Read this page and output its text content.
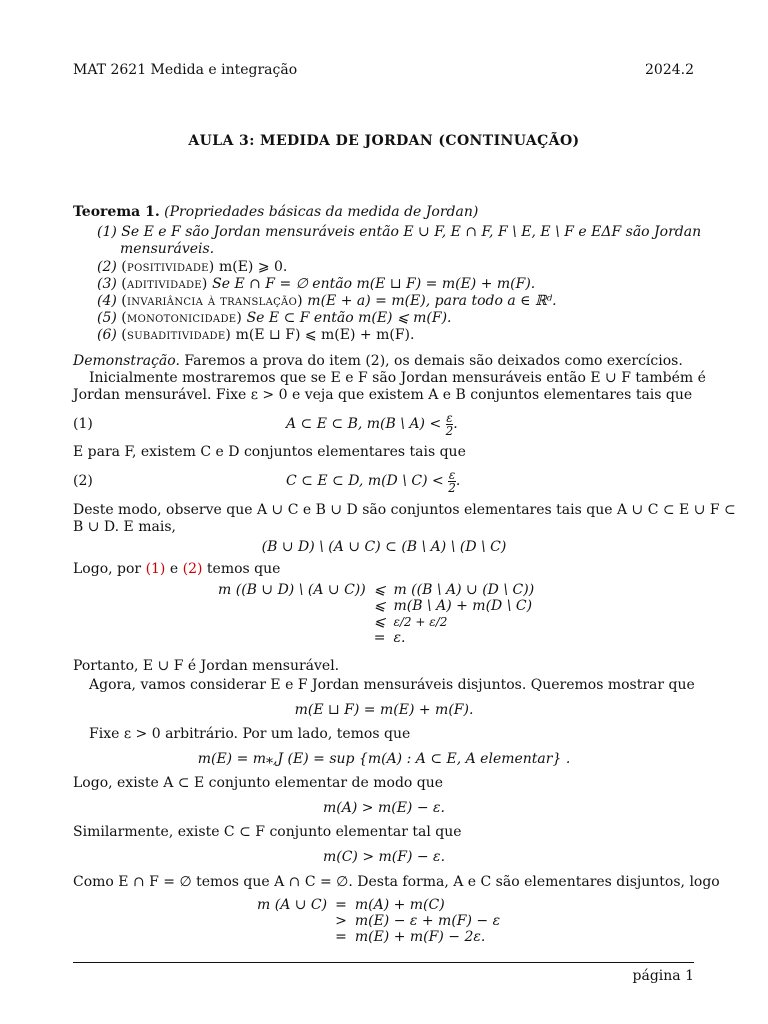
MAT 2621 Medida e integração	2024.2
AULA 3: MEDIDA DE JORDAN (CONTINUAÇÃO)
Teorema 1. (Propriedades básicas da medida de Jordan)
(1) Se E e F são Jordan mensuráveis então E ∪ F, E ∩ F, F \ E, E \ F e EΔF são Jordan
mensuráveis.
(2) (positividade) m(E) ⩾ 0.
(3) (aditividade) Se E ∩ F = ∅ então m(E ⊔ F) = m(E) + m(F).
(4) (invariância à translação) m(E + a) = m(E), para todo a ∈ ℝᵈ.
(5) (monotonicidade) Se E ⊂ F então m(E) ⩽ m(F).
(6) (subaditividade) m(E ⊔ F) ⩽ m(E) + m(F).
Demonstração. Faremos a prova do item (2), os demais são deixados como exercícios.
Inicialmente mostraremos que se E e F são Jordan mensuráveis então E ∪ F também é
Jordan mensurável. Fixe ε > 0 e veja que existem A e B conjuntos elementares tais que
(1)	A ⊂ E ⊂ B, m(B \ $A) < \frac{\varepsilon}{2}$ .
E para F, existem C e D conjuntos elementares tais que
(2)	C ⊂ E ⊂ D, m(D \ $C) < \frac{\varepsilon}{2}$ .
Deste modo, observe que A ∪ C e B ∪ D são conjuntos elementares tais que A ∪ C ⊂ E ∪ F ⊂
B ∪ D. E mais,
(B ∪ D) \ (A ∪ C) ⊂ (B \ A) \ (D \ C)
Logo, por (1) e (2) temos que
m ((B ∪ D) \ (A ∪ C))	⩽	m ((B \ A) ∪ (D \ C))
	⩽	m(B \ A) + m(D \ C)
	⩽	ε/2 + ε/2
	=	ε.
Portanto, E ∪ F é Jordan mensurável.
Agora, vamos considerar E e F Jordan mensuráveis disjuntos. Queremos mostrar que
m(E ⊔ F) = m(E) + m(F).
Fixe ε > 0 arbitrário. Por um lado, temos que
m(E) = m⁎,J (E) = sup {m(A) : A ⊂ E, A elementar} .
Logo, existe A ⊂ E conjunto elementar de modo que
m(A) > m(E) − ε.
Similarmente, existe C ⊂ F conjunto elementar tal que
m(C) > m(F) − ε.
Como E ∩ F = ∅ temos que A ∩ C = ∅. Desta forma, A e C são elementares disjuntos, logo
m (A ∪ C)	=	m(A) + m(C)
	>	m(E) − ε + m(F) − ε
	=	m(E) + m(F) − 2ε.
página 1
